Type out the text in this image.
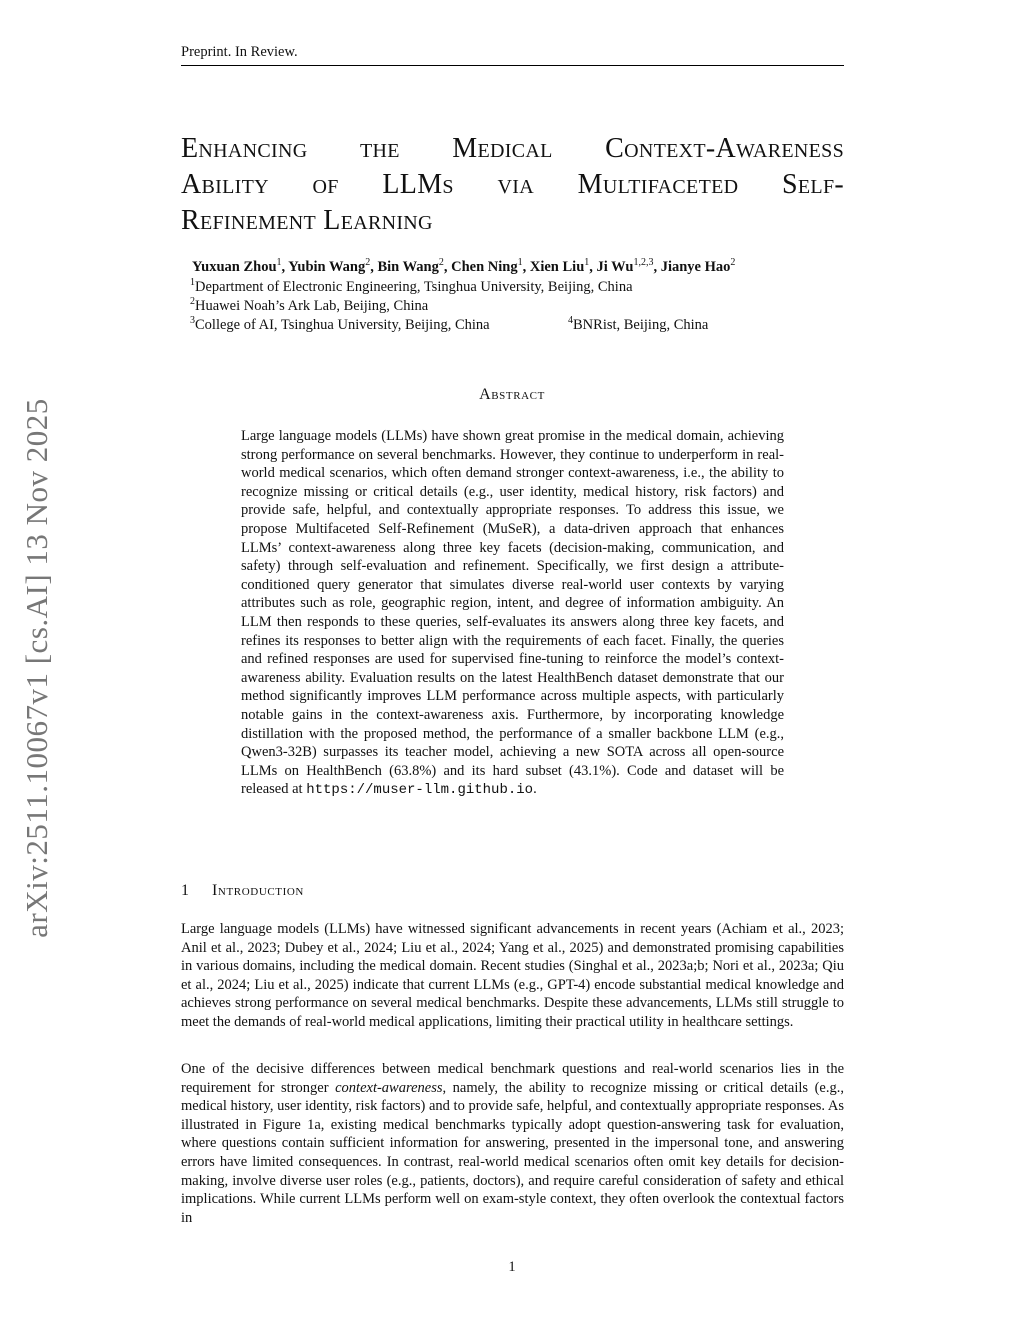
Preprint. In Review.
arXiv:2511.10067v1 [cs.AI] 13 Nov 2025
Enhancing the Medical Context-Awareness
Ability of LLMs via Multifaceted Self-
Refinement Learning
Yuxuan Zhou$^1$, Yubin Wang$^2$, Bin Wang$^2$, Chen Ning$^1$, Xien Liu$^1$, Ji Wu$^{1,2,3}$, Jianye Hao$^2$
$^1$Department of Electronic Engineering, Tsinghua University, Beijing, China
$^2$Huawei Noah’s Ark Lab, Beijing, China
$^3$College of AI, Tsinghua University, Beijing, China	$^4$BNRist, Beijing, China
Abstract

Large language models (LLMs) have shown great promise in the medical domain, achieving strong performance on several benchmarks. However, they continue to underperform in real-world medical scenarios, which often demand stronger context-awareness, i.e., the ability to recognize missing or critical details (e.g., user identity, medical history, risk factors) and provide safe, helpful, and contextually appropriate responses. To address this issue, we propose Multifaceted Self-Refinement (MuSeR), a data-driven approach that enhances LLMs’ context-awareness along three key facets (decision-making, communication, and safety) through self-evaluation and refinement. Specifically, we first design a attribute-conditioned query generator that simulates diverse real-world user contexts by varying attributes such as role, geographic region, intent, and degree of information ambiguity. An LLM then responds to these queries, self-evaluates its answers along three key facets, and refines its responses to better align with the requirements of each facet. Finally, the queries and refined responses are used for supervised fine-tuning to reinforce the model’s context-awareness ability. Evaluation results on the latest HealthBench dataset demonstrate that our method significantly improves LLM performance across multiple aspects, with particularly notable gains in the context-awareness axis. Furthermore, by incorporating knowledge distillation with the proposed method, the performance of a smaller backbone LLM (e.g., Qwen3-32B) surpasses its teacher model, achieving a new SOTA across all open-source LLMs on HealthBench (63.8%) and its hard subset (43.1%). Code and dataset will be released at https://muser-llm.github.io.

1 Introduction

Large language models (LLMs) have witnessed significant advancements in recent years (Achiam et al., 2023; Anil et al., 2023; Dubey et al., 2024; Liu et al., 2024; Yang et al., 2025) and demonstrated promising capabilities in various domains, including the medical domain. Recent studies (Singhal et al., 2023a;b; Nori et al., 2023a; Qiu et al., 2024; Liu et al., 2025) indicate that current LLMs (e.g., GPT-4) encode substantial medical knowledge and achieves strong performance on several medical benchmarks. Despite these advancements, LLMs still struggle to meet the demands of real-world medical applications, limiting their practical utility in healthcare settings.

One of the decisive differences between medical benchmark questions and real-world scenarios lies in the requirement for stronger context-awareness, namely, the ability to recognize missing or critical details (e.g., medical history, user identity, risk factors) and to provide safe, helpful, and contextually appropriate responses. As illustrated in Figure 1a, existing medical benchmarks typically adopt question-answering task for evaluation, where questions contain sufficient information for answering, presented in the impersonal tone, and answering errors have limited consequences. In contrast, real-world medical scenarios often omit key details for decision-making, involve diverse user roles (e.g., patients, doctors), and require careful consideration of safety and ethical implications. While current LLMs perform well on exam-style context, they often overlook the contextual factors in

1
